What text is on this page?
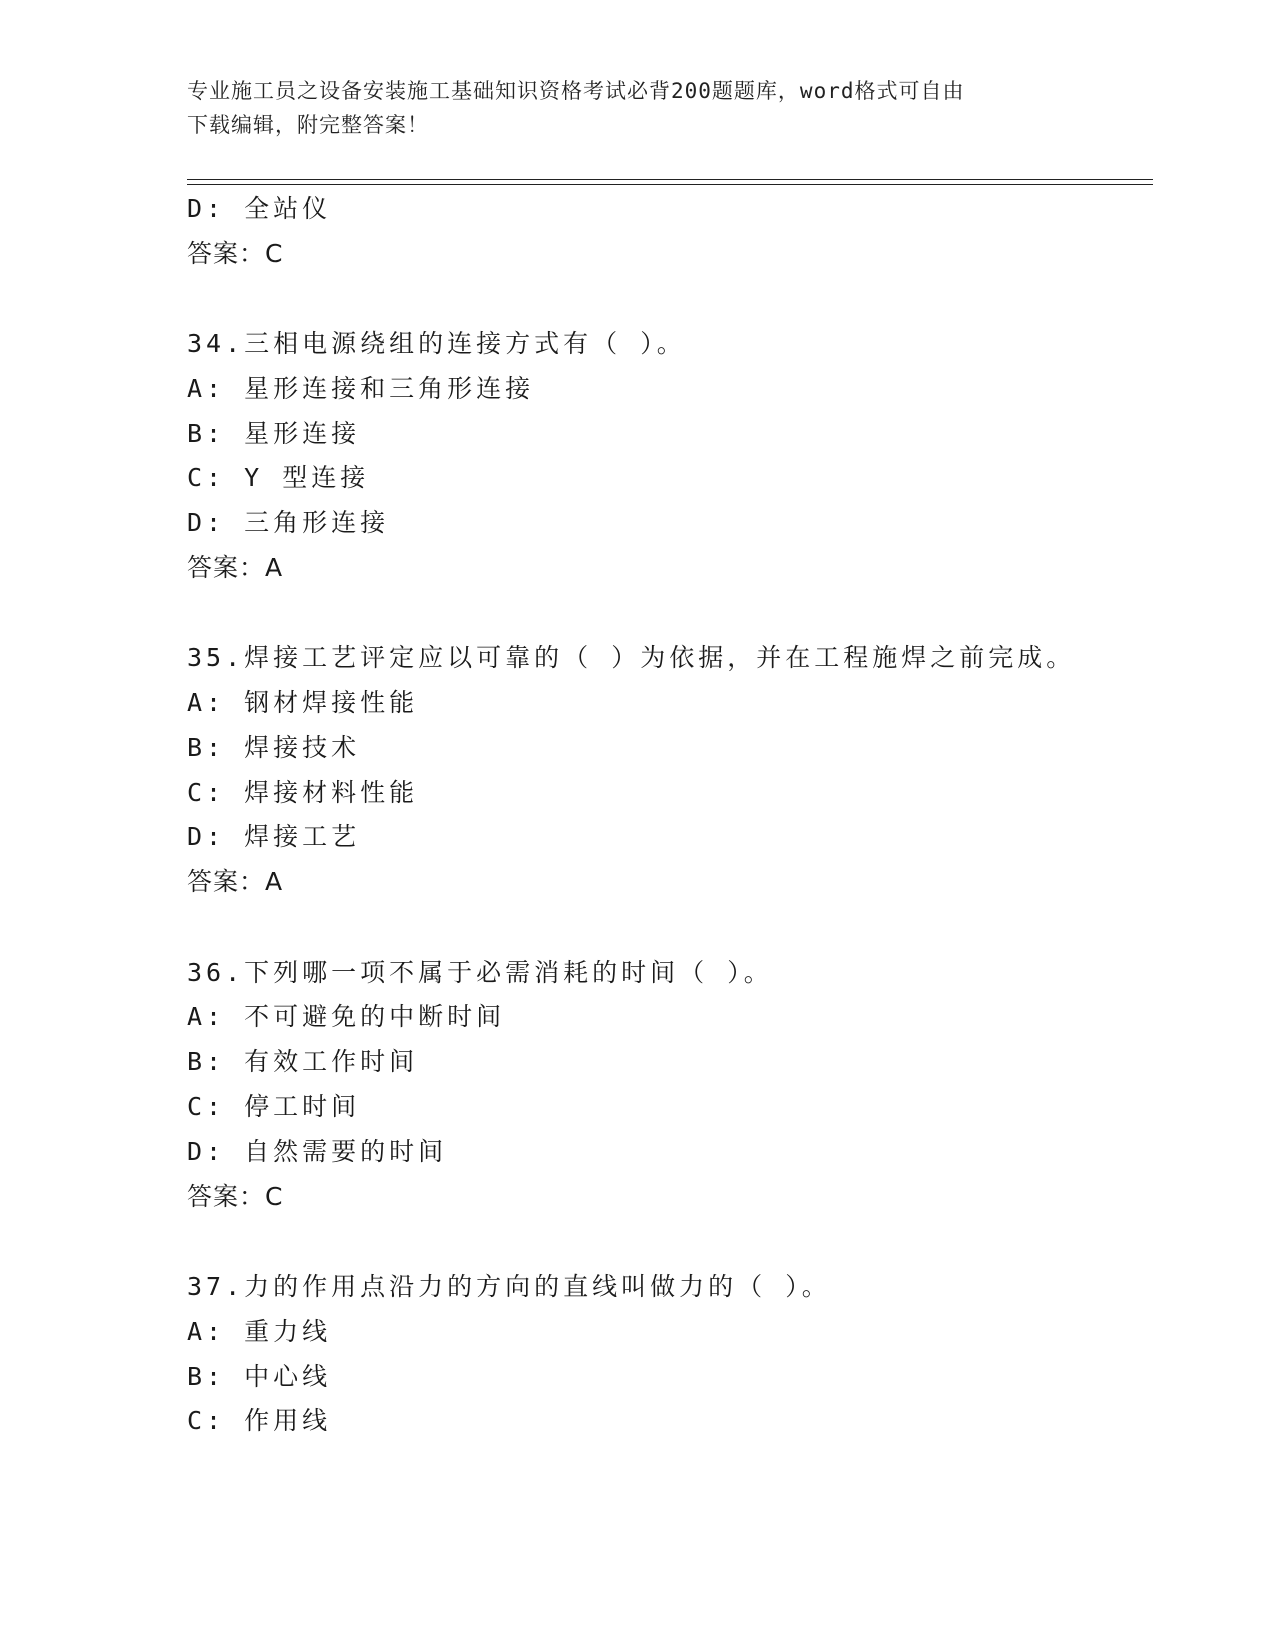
专业施工员之设备安装施工基础知识资格考试必背200题题库，word格式可自由
下载编辑，附完整答案！
D: 全站仪
答案：C
34.三相电源绕组的连接方式有（ ）。
A: 星形连接和三角形连接
B: 星形连接
C: Y 型连接
D: 三角形连接
答案：A
35.焊接工艺评定应以可靠的（ ）为依据，并在工程施焊之前完成。
A: 钢材焊接性能
B: 焊接技术
C: 焊接材料性能
D: 焊接工艺
答案：A
36.下列哪一项不属于必需消耗的时间（ ）。
A: 不可避免的中断时间
B: 有效工作时间
C: 停工时间
D: 自然需要的时间
答案：C
37.力的作用点沿力的方向的直线叫做力的（ ）。
A: 重力线
B: 中心线
C: 作用线
